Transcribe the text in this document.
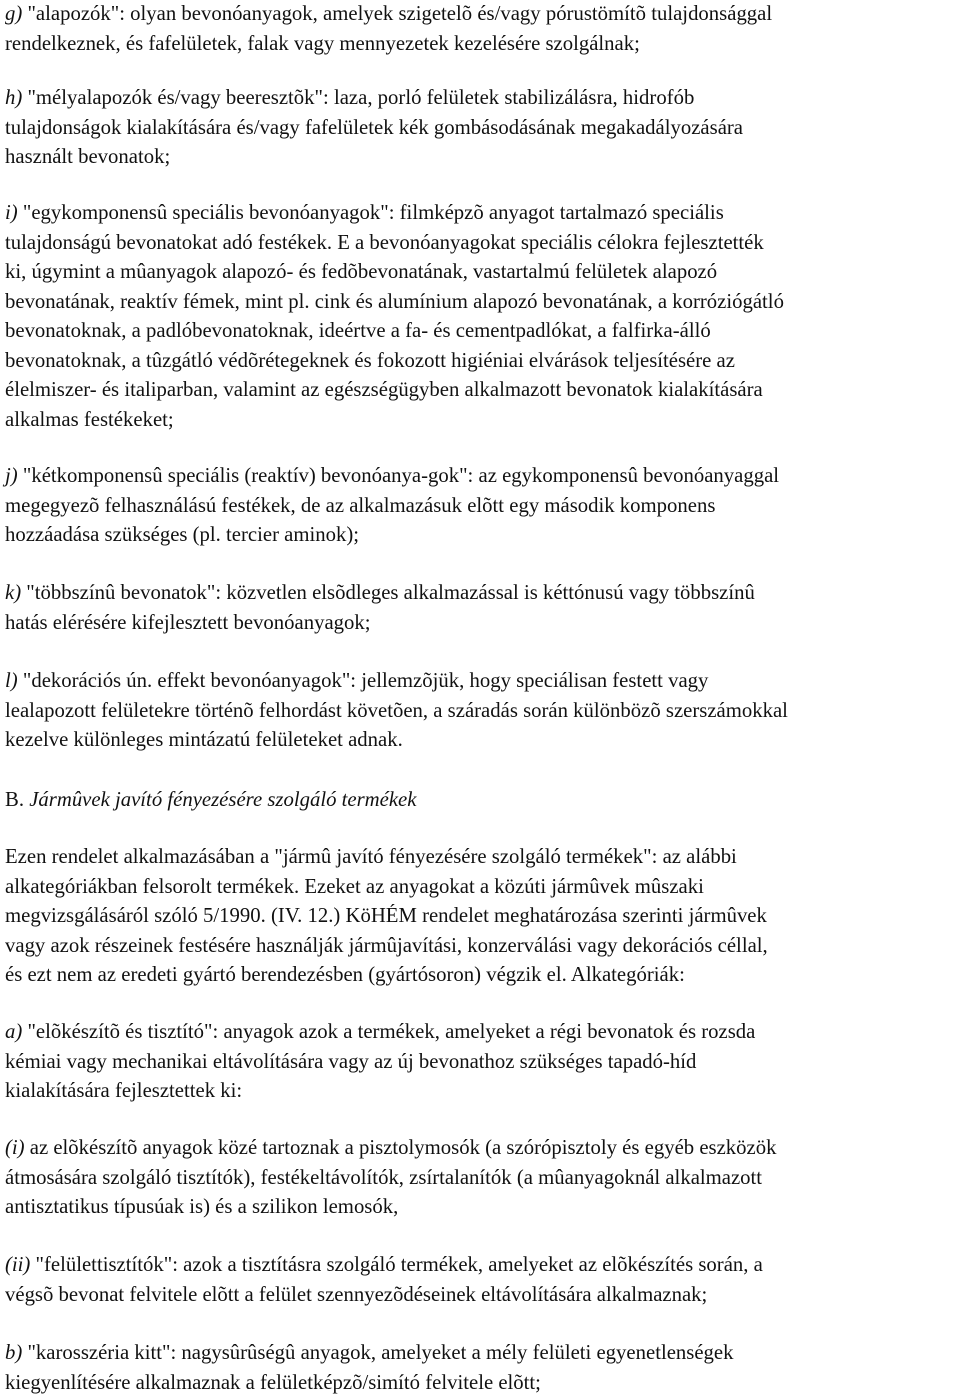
g) "alapozók": olyan bevonóanyagok, amelyek szigetelõ és/vagy pórustömítõ tulajdonsággal
rendelkeznek, és fafelületek, falak vagy mennyezetek kezelésére szolgálnak;

h) "mélyalapozók és/vagy beeresztõk": laza, porló felületek stabilizálásra, hidrofób
tulajdonságok kialakítására és/vagy fafelületek kék gombásodásának megakadályozására
használt bevonatok;

i) "egykomponensû speciális bevonóanyagok": filmképzõ anyagot tartalmazó speciális
tulajdonságú bevonatokat adó festékek. E a bevonóanyagokat speciális célokra fejlesztették
ki, úgymint a mûanyagok alapozó- és fedõbevonatának, vastartalmú felületek alapozó
bevonatának, reaktív fémek, mint pl. cink és alumínium alapozó bevonatának, a korróziógátló
bevonatoknak, a padlóbevonatoknak, ideértve a fa- és cementpadlókat, a falfirka-álló
bevonatoknak, a tûzgátló védõrétegeknek és fokozott higiéniai elvárások teljesítésére az
élelmiszer- és italiparban, valamint az egészségügyben alkalmazott bevonatok kialakítására
alkalmas festékeket;

j) "kétkomponensû speciális (reaktív) bevonóanya-gok": az egykomponensû bevonóanyaggal
megegyezõ felhasználású festékek, de az alkalmazásuk elõtt egy második komponens
hozzáadása szükséges (pl. tercier aminok);

k) "többszínû bevonatok": közvetlen elsõdleges alkalmazással is kéttónusú vagy többszínû
hatás elérésére kifejlesztett bevonóanyagok;

l) "dekorációs ún. effekt bevonóanyagok": jellemzõjük, hogy speciálisan festett vagy
lealapozott felületekre történõ felhordást követõen, a száradás során különbözõ szerszámokkal
kezelve különleges mintázatú felületeket adnak.

B. Jármûvek javító fényezésére szolgáló termékek

Ezen rendelet alkalmazásában a "jármû javító fényezésére szolgáló termékek": az alábbi
alkategóriákban felsorolt termékek. Ezeket az anyagokat a közúti jármûvek mûszaki
megvizsgálásáról szóló 5/1990. (IV. 12.) KöHÉM rendelet meghatározása szerinti jármûvek
vagy azok részeinek festésére használják jármûjavítási, konzerválási vagy dekorációs céllal,
és ezt nem az eredeti gyártó berendezésben (gyártósoron) végzik el. Alkategóriák:

a) "elõkészítõ és tisztító": anyagok azok a termékek, amelyeket a régi bevonatok és rozsda
kémiai vagy mechanikai eltávolítására vagy az új bevonathoz szükséges tapadó-híd
kialakítására fejlesztettek ki:

(i) az elõkészítõ anyagok közé tartoznak a pisztolymosók (a szórópisztoly és egyéb eszközök
átmosására szolgáló tisztítók), festékeltávolítók, zsírtalanítók (a mûanyagoknál alkalmazott
antisztatikus típusúak is) és a szilikon lemosók,

(ii) "felülettisztítók": azok a tisztításra szolgáló termékek, amelyeket az elõkészítés során, a
végsõ bevonat felvitele elõtt a felület szennyezõdéseinek eltávolítására alkalmaznak;

b) "karosszéria kitt": nagysûrûségû anyagok, amelyeket a mély felületi egyenetlenségek
kiegyenlítésére alkalmaznak a felületképzõ/simító felvitele elõtt;
